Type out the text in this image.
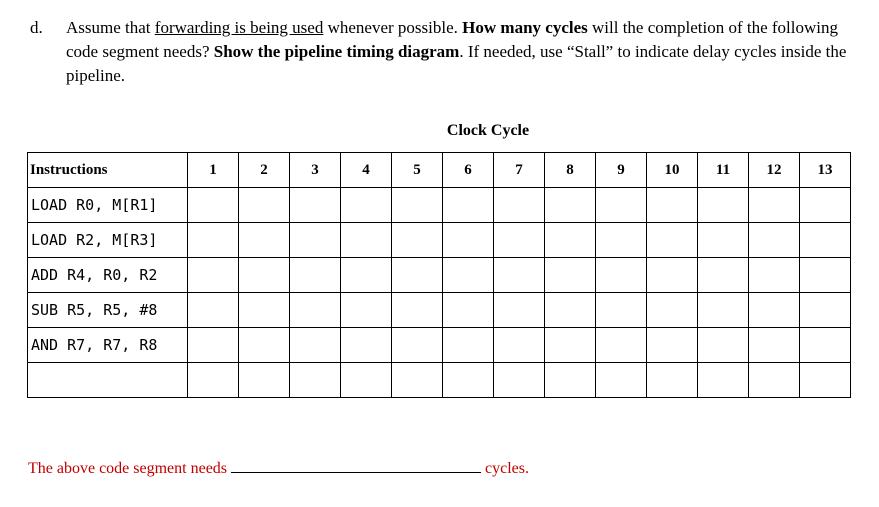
d. Assume that forwarding is being used whenever possible. How many cycles will the completion of the following code segment needs? Show the pipeline timing diagram. If needed, use “Stall” to indicate delay cycles inside the pipeline.
Clock Cycle
Instructions	1	2	3	4	5	6	7	8	9	10	11	12	13
LOAD R0, M[R1]													
LOAD R2, M[R3]													
ADD R4, R0, R2													
SUB R5, R5, #8													
AND R7, R7, R8													

The above code segment needs	cycles.
